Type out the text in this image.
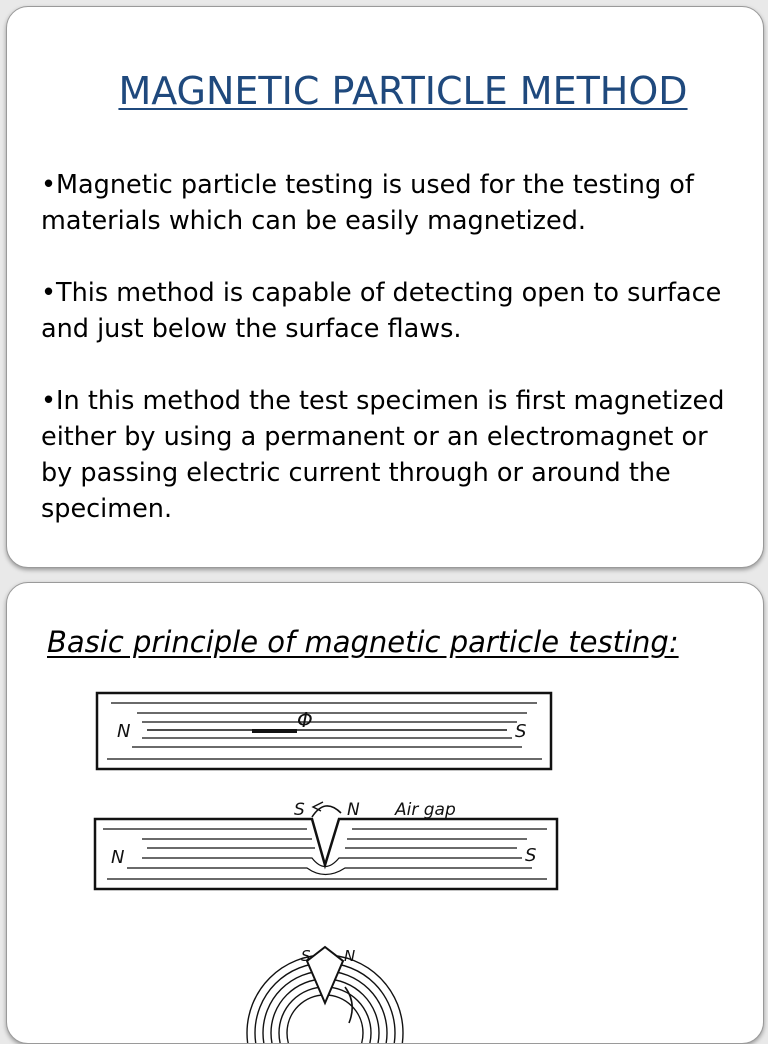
MAGNETIC PARTICLE METHOD

•Magnetic particle testing is used for the testing of materials which can be easily magnetized.

•This method is capable of detecting open to surface and just below the surface flaws.

•In this method the test specimen is first magnetized either by using a permanent or an electromagnet or by passing electric current through or around the specimen.

N	S
Φ
N	S
S N Air gap
S N
Basic principle of magnetic particle testing:
